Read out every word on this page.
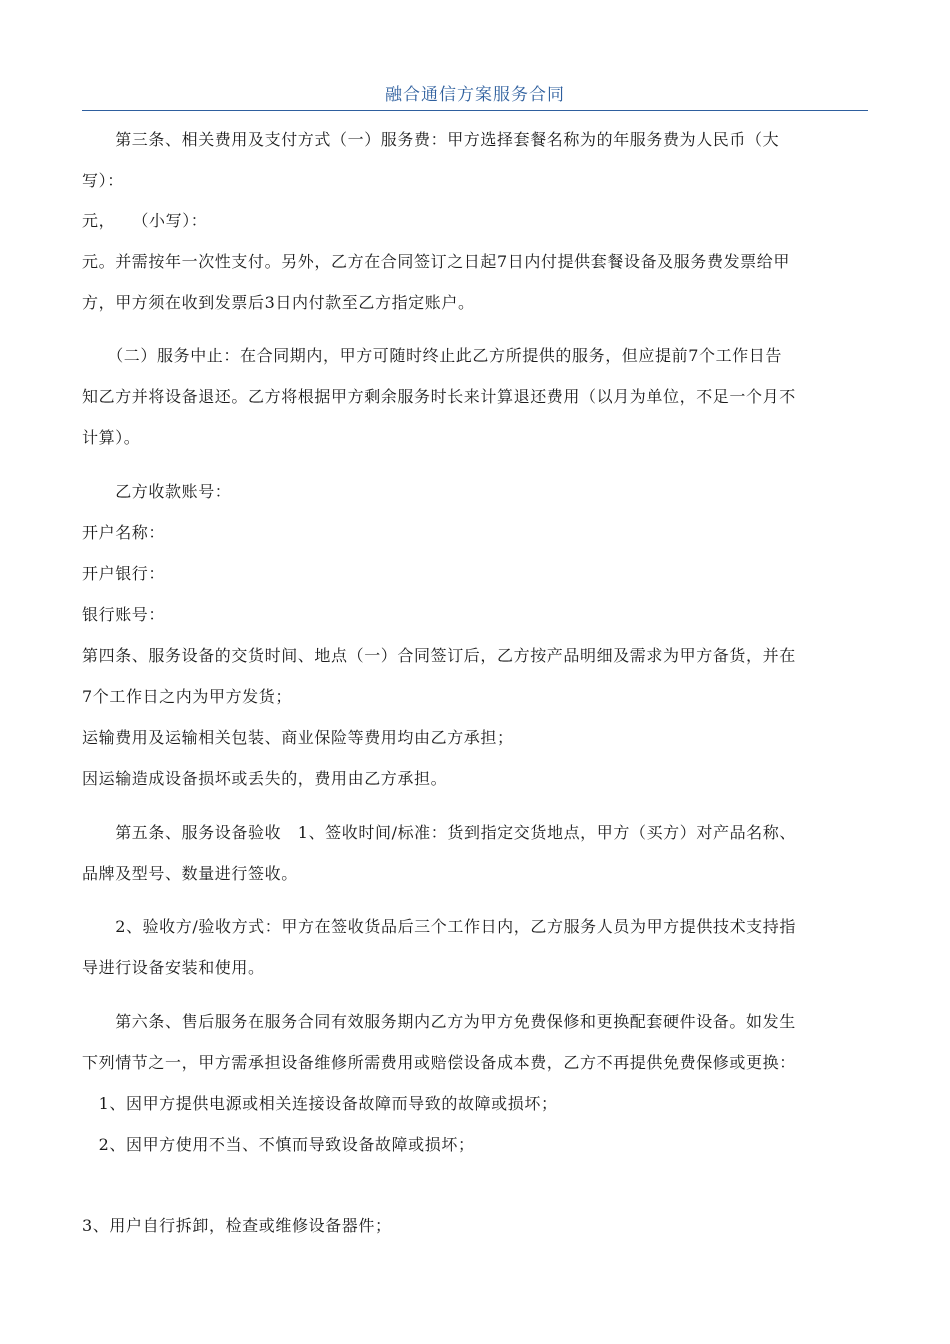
融合通信方案服务合同

　　第三条、相关费用及支付方式（一）服务费：甲方选择套餐名称为的年服务费为人民币（大

写）：

元，　　（小写）：

元。并需按年一次性支付。另外，乙方在合同签订之日起7日内付提供套餐设备及服务费发票给甲

方，甲方须在收到发票后3日内付款至乙方指定账户。

　　（二）服务中止：在合同期内，甲方可随时终止此乙方所提供的服务，但应提前7个工作日告

知乙方并将设备退还。乙方将根据甲方剩余服务时长来计算退还费用（以月为单位，不足一个月不

计算）。

　　乙方收款账号：

开户名称：

开户银行：

银行账号：

第四条、服务设备的交货时间、地点（一）合同签订后，乙方按产品明细及需求为甲方备货，并在

7个工作日之内为甲方发货；

运输费用及运输相关包装、商业保险等费用均由乙方承担；

因运输造成设备损坏或丢失的，费用由乙方承担。

　　第五条、服务设备验收　1、签收时间/标准：货到指定交货地点，甲方（买方）对产品名称、

品牌及型号、数量进行签收。

　　2、验收方/验收方式：甲方在签收货品后三个工作日内，乙方服务人员为甲方提供技术支持指

导进行设备安装和使用。

　　第六条、售后服务在服务合同有效服务期内乙方为甲方免费保修和更换配套硬件设备。如发生

下列情节之一，甲方需承担设备维修所需费用或赔偿设备成本费，乙方不再提供免费保修或更换：

　1、因甲方提供电源或相关连接设备故障而导致的故障或损坏；

　2、因甲方使用不当、不慎而导致设备故障或损坏；

3、用户自行拆卸，检查或维修设备器件；
